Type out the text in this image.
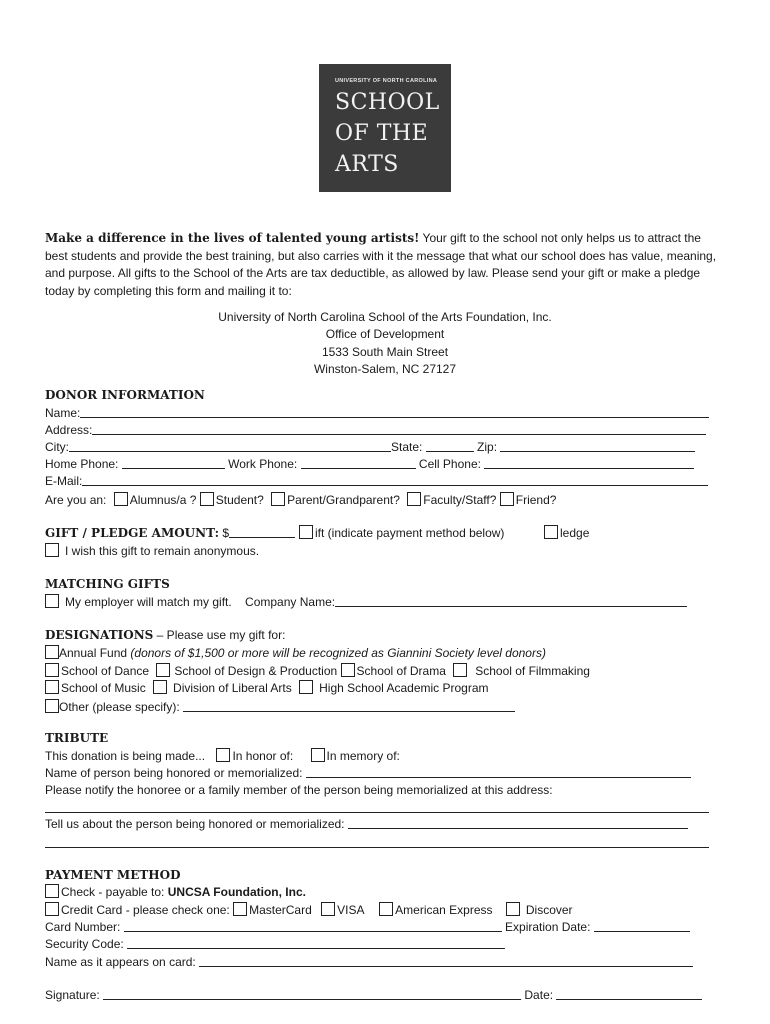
UNIVERSITY OF NORTH CAROLINA
SCHOOL
OF THE
ARTS
Make a difference in the lives of talented young artists! Your gift to the school not only helps us to attract the best students and provide the best training, but also carries with it the message that what our school does has value, meaning, and purpose. All gifts to the School of the Arts are tax deductible, as allowed by law. Please send your gift or make a pledge today by completing this form and mailing it to:
University of North Carolina School of the Arts Foundation, Inc.
Office of Development
1533 South Main Street
Winston-Salem, NC 27127
DONOR INFORMATION
Name:
Address:
City:	State:	Zip:
Home Phone:	Work Phone:	Cell Phone:
E-Mail:
Are you an: Alumnus/a ? Student? Parent/Grandparent? Faculty/Staff? Friend?
GIFT / PLEDGE AMOUNT: $	ift (indicate payment method below)	ledge
I wish this gift to remain anonymous.
MATCHING GIFTS
My employer will match my gift. Company Name:
DESIGNATIONS – Please use my gift for:
Annual Fund (donors of $1,500 or more will be recognized as Giannini Society level donors)
School of Dance School of Design & Production School of Drama School of Filmmaking
School of Music Division of Liberal Arts High School Academic Program
Other (please specify):
TRIBUTE
This donation is being made... In honor of:	In memory of:
Name of person being honored or memorialized:
Please notify the honoree or a family member of the person being memorialized at this address:
Tell us about the person being honored or memorialized:
PAYMENT METHOD
Check - payable to: UNCSA Foundation, Inc.
Credit Card - please check one: MasterCard VISA	American Express	Discover
Card Number:	Expiration Date:
Security Code:
Name as it appears on card:
Signature:	Date:
